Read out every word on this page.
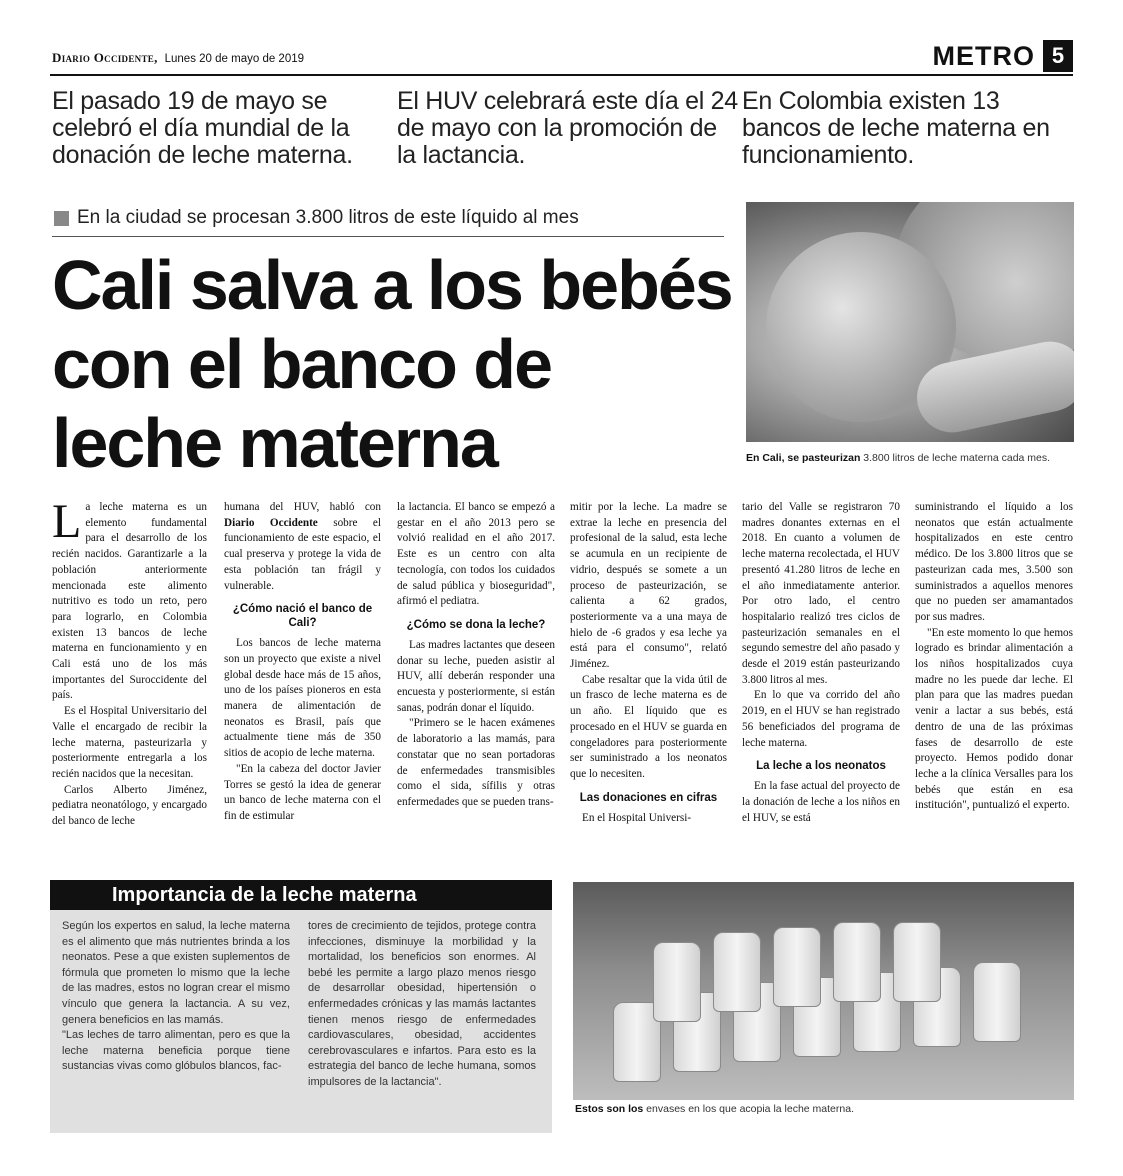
Diario Occidente, Lunes 20 de mayo de 2019	METRO 5
El pasado 19 de mayo se celebró el día mundial de la donación de leche materna.
El HUV celebrará este día el 24 de mayo con la promoción de la lactancia.
En Colombia existen 13 bancos de leche materna en funcionamiento.
En la ciudad se procesan 3.800 litros de este líquido al mes
Cali salva a los bebés con el banco de leche materna	En Cali, se pasteurizan 3.800 litros de leche materna cada mes.

La leche materna es un elemento fundamental para el desarrollo de los recién nacidos. Garantizarle a la población anteriormente mencionada este alimento nutritivo es todo un reto, pero para lograrlo, en Colombia existen 13 bancos de leche materna en funcionamiento y en Cali está uno de los más importantes del Suroccidente del país.

Es el Hospital Universitario del Valle el encargado de recibir la leche materna, pasteurizarla y posteriormente entregarla a los recién nacidos que la necesitan.

Carlos Alberto Jiménez, pediatra neonatólogo, y encargado del banco de leche

humana del HUV, habló con Diario Occidente sobre el funcionamiento de este espacio, el cual preserva y protege la vida de esta población tan frágil y vulnerable.

¿Cómo nació el banco de Cali?

Los bancos de leche materna son un proyecto que existe a nivel global desde hace más de 15 años, uno de los países pioneros en esta manera de alimentación de neonatos es Brasil, país que actualmente tiene más de 350 sitios de acopio de leche materna.

"En la cabeza del doctor Javier Torres se gestó la idea de generar un banco de leche materna con el fin de estimular

la lactancia. El banco se empezó a gestar en el año 2013 pero se volvió realidad en el año 2017. Este es un centro con alta tecnología, con todos los cuidados de salud pública y bioseguridad", afirmó el pediatra.

¿Cómo se dona la leche?

Las madres lactantes que deseen donar su leche, pueden asistir al HUV, allí deberán responder una encuesta y posteriormente, si están sanas, podrán donar el líquido.

"Primero se le hacen exámenes de laboratorio a las mamás, para constatar que no sean portadoras de enfermedades transmisibles como el sida, sífilis y otras enfermedades que se pueden trans-

mitir por la leche. La madre se extrae la leche en presencia del profesional de la salud, esta leche se acumula en un recipiente de vidrio, después se somete a un proceso de pasteurización, se calienta a 62 grados, posteriormente va a una maya de hielo de -6 grados y esa leche ya está para el consumo", relató Jiménez.

Cabe resaltar que la vida útil de un frasco de leche materna es de un año. El líquido que es procesado en el HUV se guarda en congeladores para posteriormente ser suministrado a los neonatos que lo necesiten.

Las donaciones en cifras

En el Hospital Universi-

tario del Valle se registraron 70 madres donantes externas en el 2018. En cuanto a volumen de leche materna recolectada, el HUV presentó 41.280 litros de leche en el año inmediatamente anterior. Por otro lado, el centro hospitalario realizó tres ciclos de pasteurización semanales en el segundo semestre del año pasado y desde el 2019 están pasteurizando 3.800 litros al mes.

En lo que va corrido del año 2019, en el HUV se han registrado 56 beneficiados del programa de leche materna.

La leche a los neonatos

En la fase actual del proyecto de la donación de leche a los niños en el HUV, se está

suministrando el líquido a los neonatos que están actualmente hospitalizados en este centro médico. De los 3.800 litros que se pasteurizan cada mes, 3.500 son suministrados a aquellos menores que no pueden ser amamantados por sus madres.

"En este momento lo que hemos logrado es brindar alimentación a los niños hospitalizados cuya madre no les puede dar leche. El plan para que las madres puedan venir a lactar a sus bebés, está dentro de una de las próximas fases de desarrollo de este proyecto. Hemos podido donar leche a la clínica Versalles para los bebés que están en esa institución", puntualizó el experto.

Importancia de la leche materna

Según los expertos en salud, la leche materna es el alimento que más nutrientes brinda a los neonatos. Pese a que existen suplementos de fórmula que prometen lo mismo que la leche de las madres, estos no logran crear el mismo vínculo que genera la lactancia. A su vez, genera beneficios en las mamás.

"Las leches de tarro alimentan, pero es que la leche materna beneficia porque tiene sustancias vivas como glóbulos blancos, fac-

tores de crecimiento de tejidos, protege contra infecciones, disminuye la morbilidad y la mortalidad, los beneficios son enormes. Al bebé les permite a largo plazo menos riesgo de desarrollar obesidad, hipertensión o enfermedades crónicas y las mamás lactantes tienen menos riesgo de enfermedades cardiovasculares, obesidad, accidentes cerebrovasculares e infartos. Para esto es la estrategia del banco de leche humana, somos impulsores de la lactancia".

Estos son los envases en los que acopia la leche materna.
